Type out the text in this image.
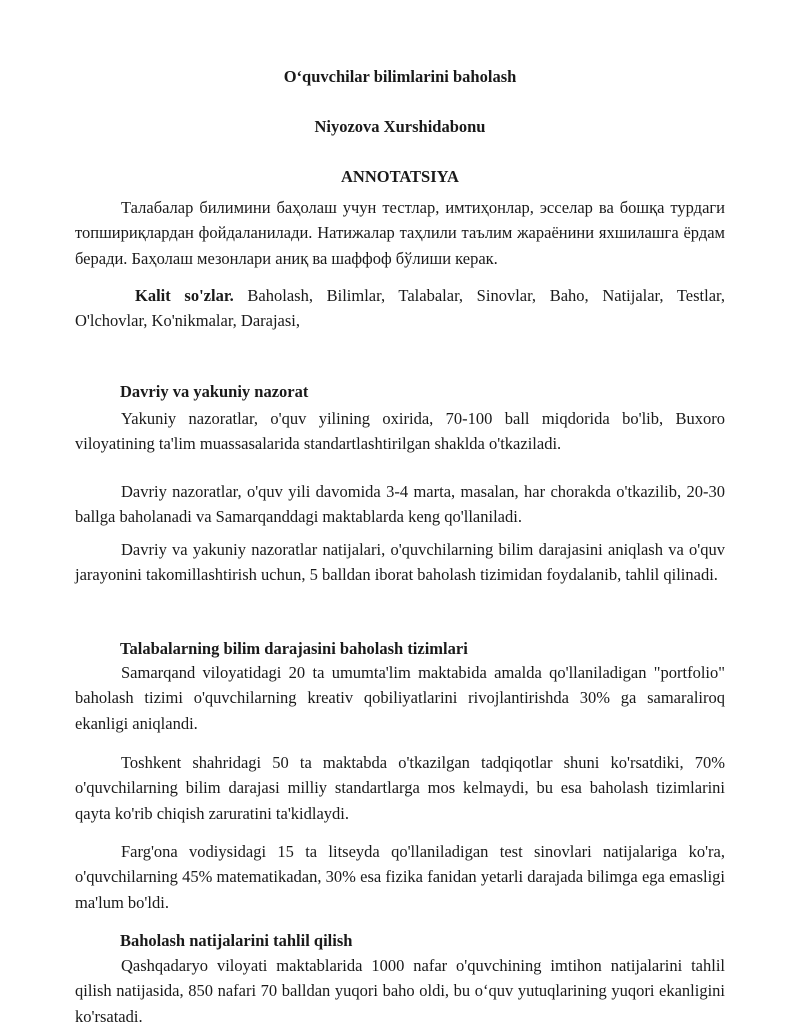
O‘quvchilar bilimlarini baholash
Niyozova Xurshidabonu
ANNOTATSIYA

Талабалар билимини баҳолаш учун тестлар, имтиҳонлар, эсселар ва бошқа турдаги топшириқлардан фойдаланилади. Натижалар таҳлили таълим жараёнини яхшилашга ёрдам беради. Баҳолаш мезонлари аниқ ва шаффоф бўлиши керак.

Kalit so'zlar. Baholash, Bilimlar, Talabalar, Sinovlar, Baho, Natijalar, Testlar, O'lchovlar, Ko'nikmalar, Darajasi,

Davriy va yakuniy nazorat

Yakuniy nazoratlar, o'quv yilining oxirida, 70-100 ball miqdorida bo'lib, Buxoro viloyatining ta'lim muassasalarida standartlashtirilgan shaklda o'tkaziladi.

Davriy nazoratlar, o'quv yili davomida 3-4 marta, masalan, har chorakda o'tkazilib, 20-30 ballga baholanadi va Samarqanddagi maktablarda keng qo'llaniladi.

Davriy va yakuniy nazoratlar natijalari, o'quvchilarning bilim darajasini aniqlash va o'quv jarayonini takomillashtirish uchun, 5 balldan iborat baholash tizimidan foydalanib, tahlil qilinadi.

Talabalarning bilim darajasini baholash tizimlari

Samarqand viloyatidagi 20 ta umumta'lim maktabida amalda qo'llaniladigan "portfolio" baholash tizimi o'quvchilarning kreativ qobiliyatlarini rivojlantirishda 30% ga samaraliroq ekanligi aniqlandi.

Toshkent shahridagi 50 ta maktabda o'tkazilgan tadqiqotlar shuni ko'rsatdiki, 70% o'quvchilarning bilim darajasi milliy standartlarga mos kelmaydi, bu esa baholash tizimlarini qayta ko'rib chiqish zaruratini ta'kidlaydi.

Farg'ona vodiysidagi 15 ta litseyda qo'llaniladigan test sinovlari natijalariga ko'ra, o'quvchilarning 45% matematikadan, 30% esa fizika fanidan yetarli darajada bilimga ega emasligi ma'lum bo'ldi.

Baholash natijalarini tahlil qilish

Qashqadaryo viloyati maktablarida 1000 nafar o'quvchining imtihon natijalarini tahlil qilish natijasida, 850 nafari 70 balldan yuqori baho oldi, bu o‘quv yutuqlarining yuqori ekanligini ko'rsatadi.
